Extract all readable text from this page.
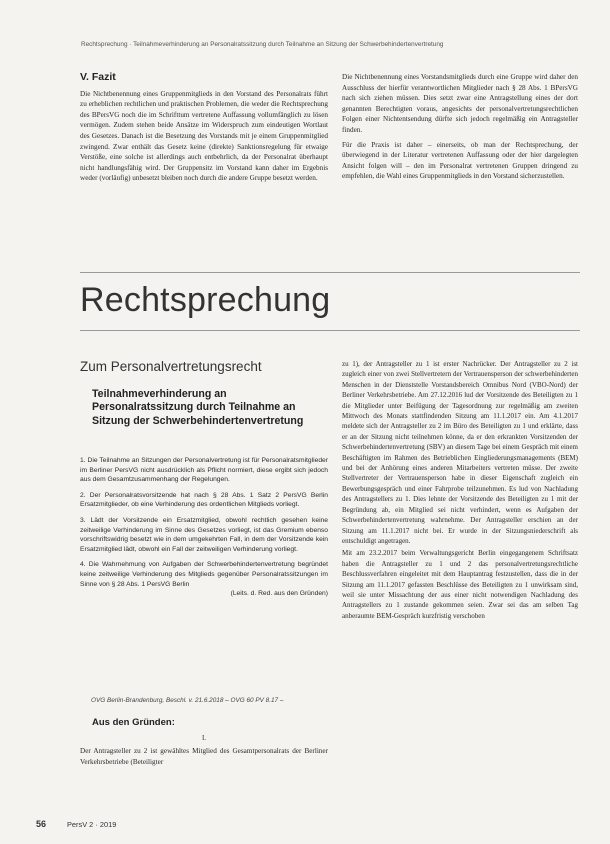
Rechtsprechung · Teilnahmeverhinderung an Personalratssitzung durch Teilnahme an Sitzung der Schwerbehindertenvertretung
V. Fazit

Die Nichtbenennung eines Gruppenmitglieds in den Vorstand des Personalrats führt zu erheblichen rechtlichen und praktischen Problemen, die weder die Rechtsprechung des BPersVG noch die im Schrifttum vertretene Auffassung vollumfänglich zu lösen vermögen. Zudem stehen beide Ansätze im Widerspruch zum eindeutigen Wortlaut des Gesetzes. Danach ist die Besetzung des Vorstands mit je einem Gruppenmitglied zwingend. Zwar enthält das Gesetz keine (direkte) Sanktionsregelung für etwaige Verstöße, eine solche ist allerdings auch entbehrlich, da der Personalrat überhaupt nicht handlungsfähig wird. Der Gruppensitz im Vorstand kann daher im Ergebnis weder (vorläufig) unbesetzt bleiben noch durch die andere Gruppe besetzt werden.

Die Nichtbenennung eines Vorstandsmitglieds durch eine Gruppe wird daher den Ausschluss der hierfür verantwortlichen Mitglieder nach § 28 Abs. 1 BPersVG nach sich ziehen müssen. Dies setzt zwar eine Antragstellung eines der dort genannten Berechtigten voraus, angesichts der personalvertretungsrechtlichen Folgen einer Nichtentsendung dürfte sich jedoch regelmäßig ein Antragsteller finden.

Für die Praxis ist daher – einerseits, ob man der Rechtsprechung, der überwiegend in der Literatur vertretenen Auffassung oder der hier dargelegten Ansicht folgen will – den im Personalrat vertretenen Gruppen dringend zu empfehlen, die Wahl eines Gruppenmitglieds in den Vorstand sicherzustellen.

Rechtsprechung
Zum Personalvertretungsrecht
Teilnahmeverhinderung an Personalratssitzung durch Teilnahme an Sitzung der Schwerbehindertenvertretung
1. Die Teilnahme an Sitzungen der Personalvertretung ist für Personalratsmitglieder im Berliner PersVG nicht ausdrücklich als Pflicht normiert, diese ergibt sich jedoch aus dem Gesamtzusammenhang der Regelungen.
2. Der Personalratsvorsitzende hat nach § 28 Abs. 1 Satz 2 PersVG Berlin Ersatzmitglieder, ob eine Verhinderung des ordentlichen Mitglieds vorliegt.
3. Lädt der Vorsitzende ein Ersatzmitglied, obwohl rechtlich gesehen keine zeitweilige Verhinderung im Sinne des Gesetzes vorliegt, ist das Gremium ebenso vorschriftswidrig besetzt wie in dem umgekehrten Fall, in dem der Vorsitzende kein Ersatzmitglied lädt, obwohl ein Fall der zeitweiligen Verhinderung vorliegt.
4. Die Wahrnehmung von Aufgaben der Schwerbehindertenvertretung begründet keine zeitweilige Verhinderung des Mitglieds gegenüber Personalratssitzungen im Sinne von § 28 Abs. 1 PersVG Berlin
(Leits. d. Red. aus den Gründen)
OVG Berlin-Brandenburg, Beschl. v. 21.6.2018 – OVG 60 PV 8.17 –
Aus den Gründen:
I.
Der Antragsteller zu 2 ist gewähltes Mitglied des Gesamtpersonalrats der Berliner Verkehrsbetriebe (Beteiligter

zu 1), der Antragsteller zu 1 ist erster Nachrücker. Der Antragsteller zu 2 ist zugleich einer von zwei Stellvertretern der Vertrauensperson der schwerbehinderten Menschen in der Dienststelle Vorstandsbereich Omnibus Nord (VBO-Nord) der Berliner Verkehrsbetriebe. Am 27.12.2016 lud der Vorsitzende des Beteiligten zu 1 die Mitglieder unter Beifügung der Tagesordnung zur regelmäßig am zweiten Mittwoch des Monats stattfindenden Sitzung am 11.1.2017 ein. Am 4.1.2017 meldete sich der Antragsteller zu 2 im Büro des Beteiligten zu 1 und erklärte, dass er an der Sitzung nicht teilnehmen könne, da er den erkrankten Vorsitzenden der Schwerbehindertenvertretung (SBV) an diesem Tage bei einem Gespräch mit einem Beschäftigten im Rahmen des Betrieblichen Eingliederungsmanagements (BEM) und bei der Anhörung eines anderen Mitarbeiters vertreten müsse. Der zweite Stellvertreter der Vertrauensperson habe in dieser Eigenschaft zugleich ein Bewerbungsgespräch und einer Fahrprobe teilzunehmen. Es lud von Nachladung des Antragstellers zu 1. Dies lehnte der Vorsitzende des Beteiligten zu 1 mit der Begründung ab, ein Mitglied sei nicht verhindert, wenn es Aufgaben der Schwerbehindertenvertretung wahrnehme. Der Antragsteller erschien an der Sitzung am 11.1.2017 nicht bei. Er wurde in der Sitzungsniederschrift als entschuldigt angetragen.

Mit am 23.2.2017 beim Verwaltungsgericht Berlin eingegangenem Schriftsatz haben die Antragsteller zu 1 und 2 das personalvertretungsrechtliche Beschlussverfahren eingeleitet mit dem Hauptantrag festzustellen, dass die in der Sitzung am 11.1.2017 gefassten Beschlüsse des Beteiligten zu 1 unwirksam sind, weil sie unter Missachtung der aus einer nicht notwendigen Nachladung des Antragstellers zu 1 zustande gekommen seien. Zwar sei das am selben Tag anberaumte BEM-Gespräch kurzfristig verschoben

56	PersV 2 · 2019
